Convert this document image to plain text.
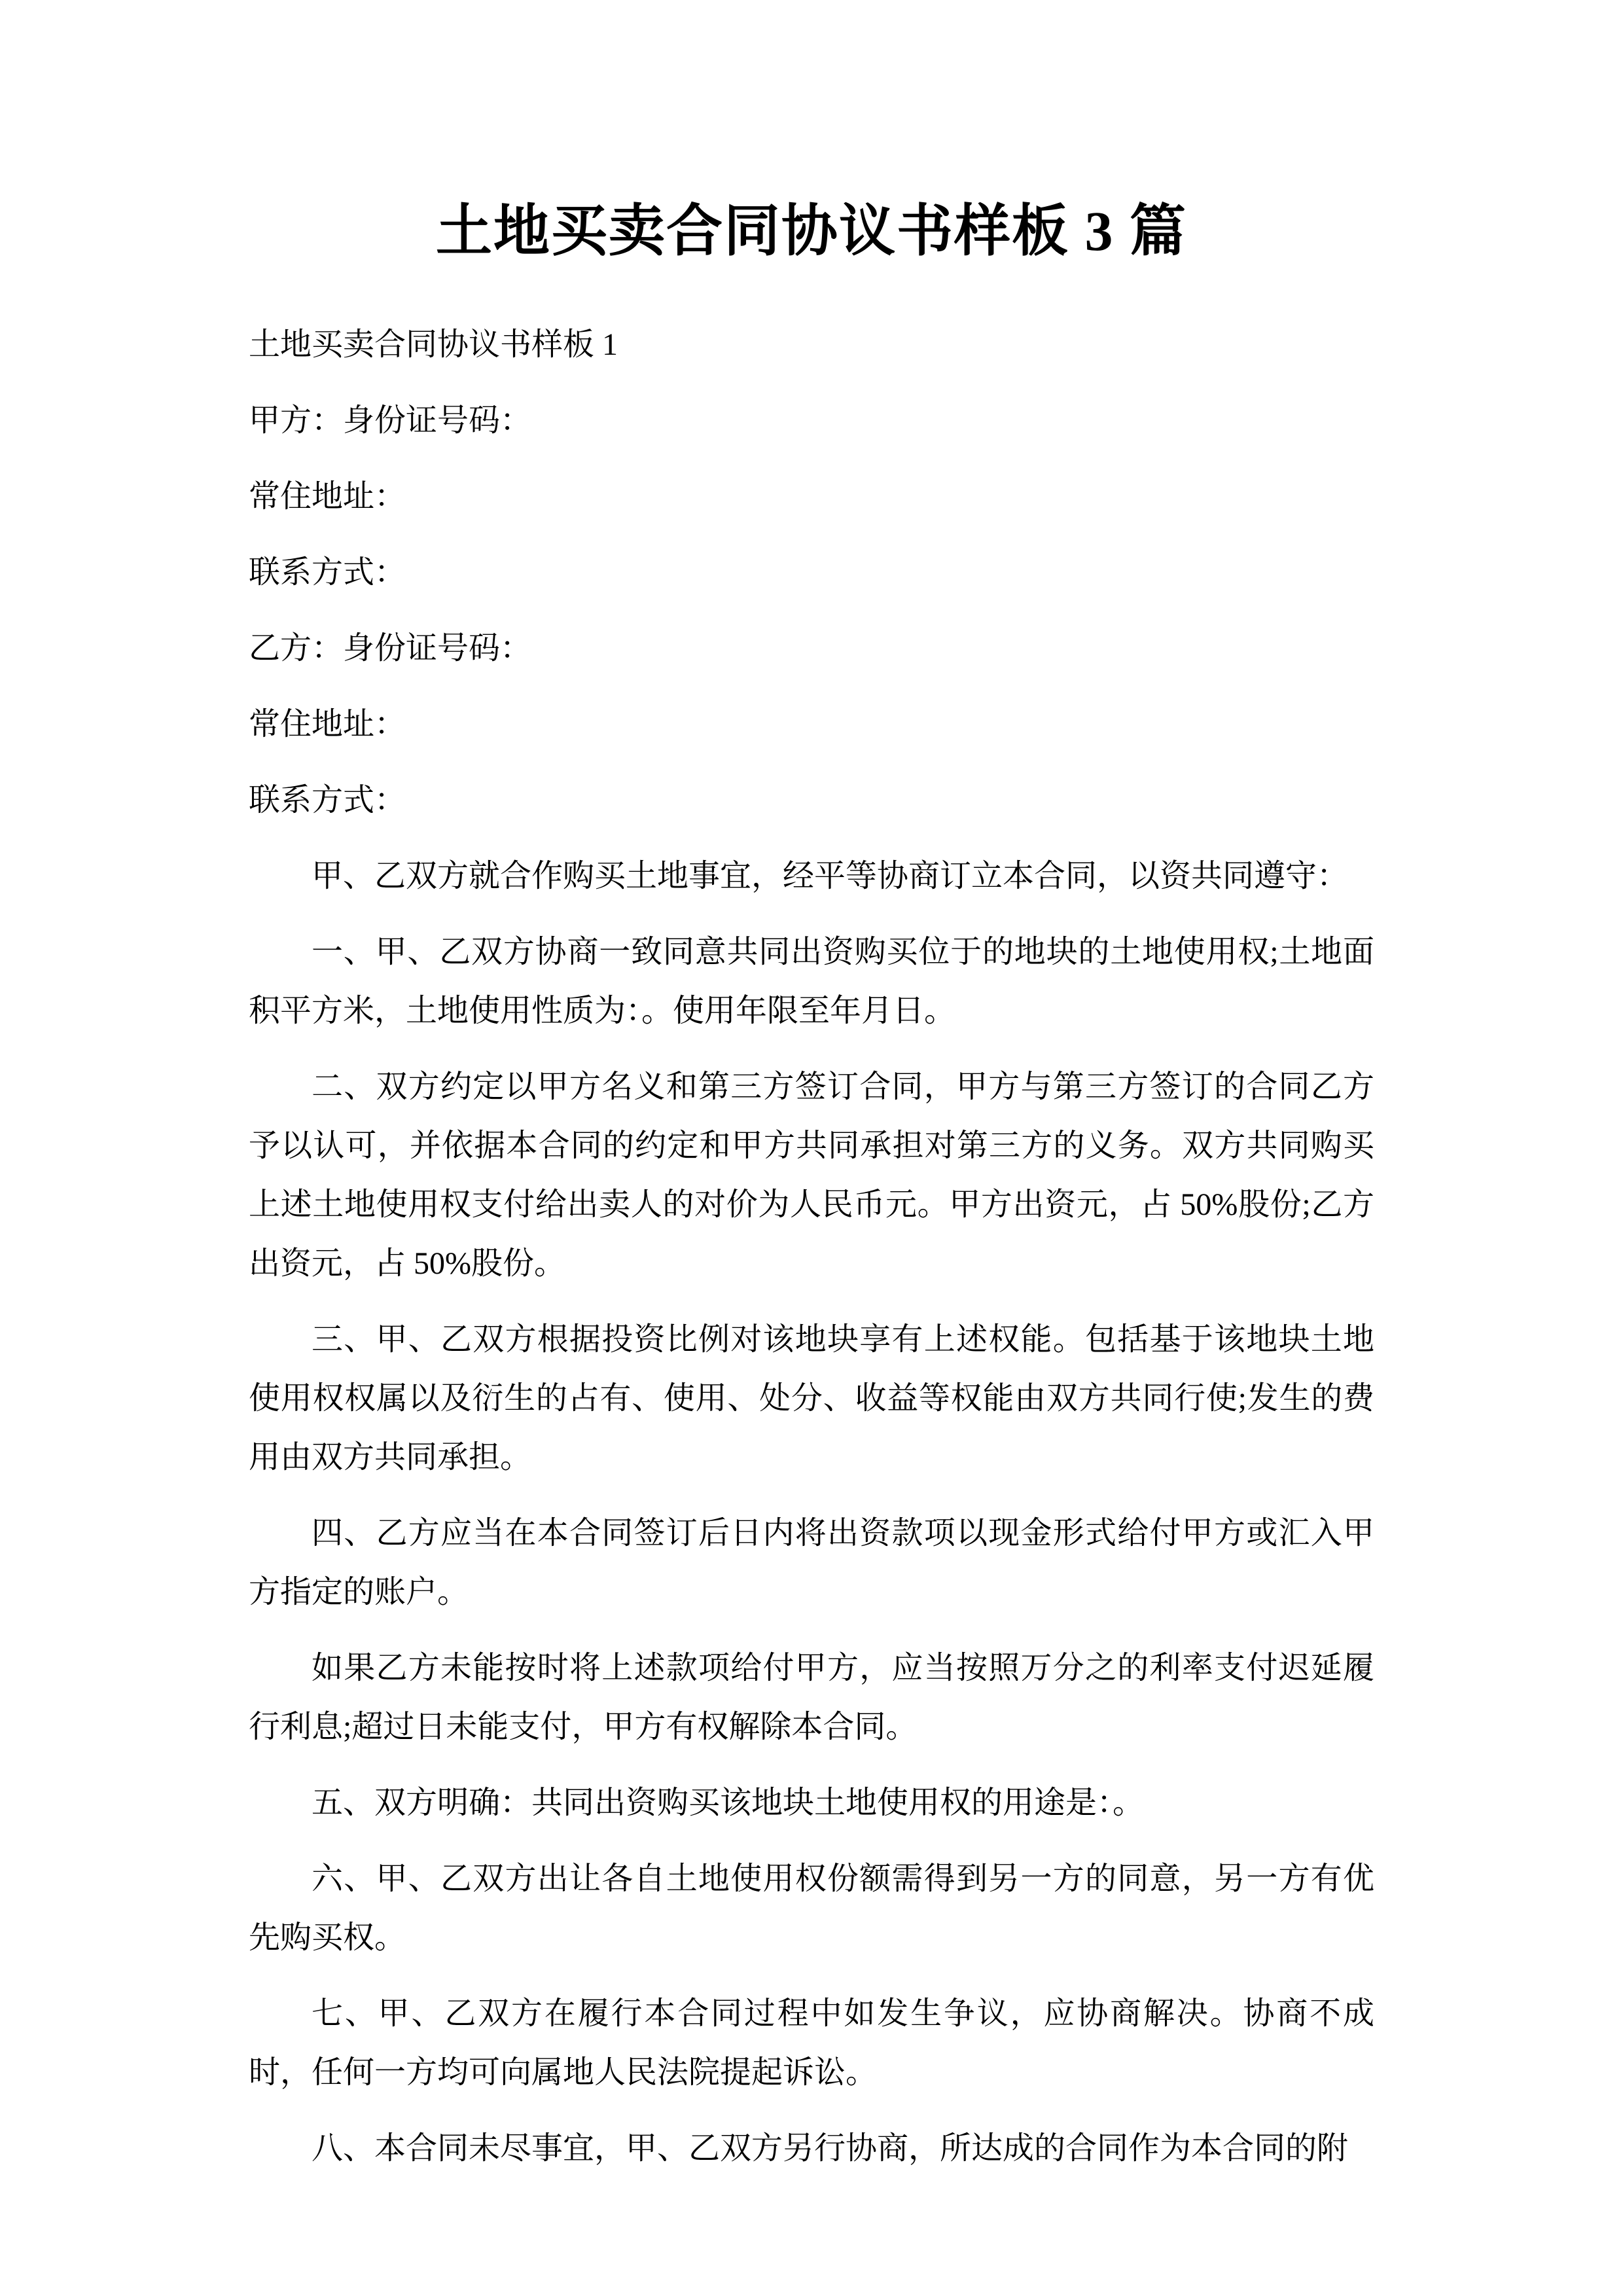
土地买卖合同协议书样板 3 篇

土地买卖合同协议书样板 1

甲方：身份证号码：

常住地址：

联系方式：

乙方：身份证号码：

常住地址：

联系方式：

甲、乙双方就合作购买土地事宜，经平等协商订立本合同，以资共同遵守：

一、甲、乙双方协商一致同意共同出资购买位于的地块的土地使用权;土地面积平方米，土地使用性质为：。使用年限至年月日。

二、双方约定以甲方名义和第三方签订合同，甲方与第三方签订的合同乙方予以认可，并依据本合同的约定和甲方共同承担对第三方的义务。双方共同购买上述土地使用权支付给出卖人的对价为人民币元。甲方出资元，占 50%股份;乙方出资元，占 50%股份。

三、甲、乙双方根据投资比例对该地块享有上述权能。包括基于该地块土地使用权权属以及衍生的占有、使用、处分、收益等权能由双方共同行使;发生的费用由双方共同承担。

四、乙方应当在本合同签订后日内将出资款项以现金形式给付甲方或汇入甲方指定的账户。

如果乙方未能按时将上述款项给付甲方，应当按照万分之的利率支付迟延履行利息;超过日未能支付，甲方有权解除本合同。

五、双方明确：共同出资购买该地块土地使用权的用途是：。

六、甲、乙双方出让各自土地使用权份额需得到另一方的同意，另一方有优先购买权。

七、甲、乙双方在履行本合同过程中如发生争议，应协商解决。协商不成时，任何一方均可向属地人民法院提起诉讼。

八、本合同未尽事宜，甲、乙双方另行协商，所达成的合同作为本合同的附
